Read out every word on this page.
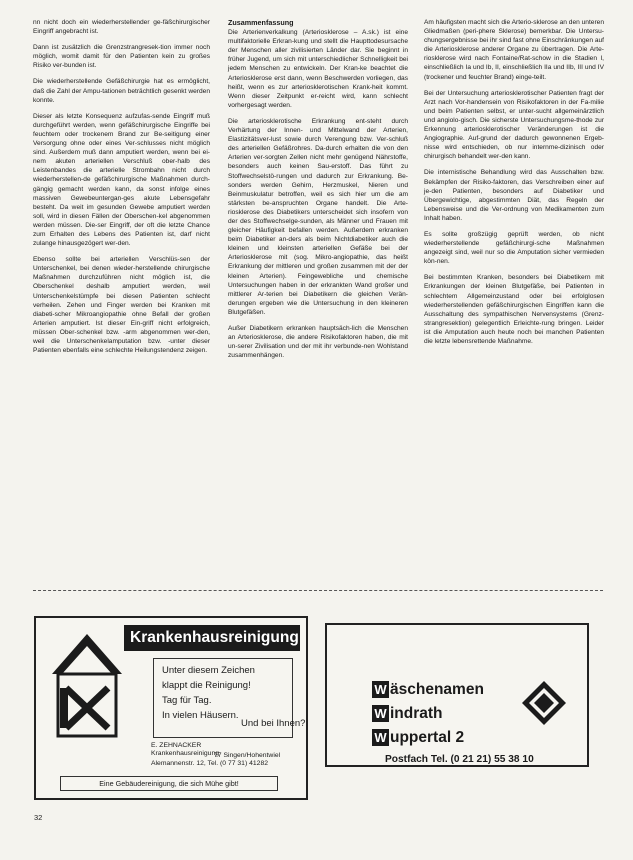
nn nicht doch ein wiederherstellender ge-fäßchirurgischer Eingriff angebracht ist.

Dann ist zusätzlich die Grenzstrangresek-tion immer noch möglich, womit damit für den Patienten kein zu großes Risiko ver-bunden ist.

Die wiederherstellende Gefäßchirurgie hat es ermöglicht, daß die Zahl der Ampu-tationen beträchtlich gesenkt werden konnte.

Dieser als letzte Konsequenz aufzufas-sende Eingriff muß durchgeführt werden, wenn gefäßchirurgische Eingriffe bei feuchtem oder trockenem Brand zur Be-seitigung einer Versorgung ohne oder eines Ver-schlusses nicht möglich sind. Außerdem muß dann amputiert werden, wenn bei ei-nem akuten arteriellen Verschluß ober-halb des Leistenbandes die arterielle Strombahn nicht durch wiederherstellen-de gefäßchirurgische Maßnahmen durch-gängig gemacht werden kann, da sonst infolge eines massiven Gewebeuntergan-ges akute Lebensgefahr besteht. Da weit im gesunden Gewebe amputiert werden soll, wird in diesen Fällen der Oberschen-kel abgenommen werden müssen. Die-ser Eingriff, der oft die letzte Chance zum Erhalten des Lebens des Patienten ist, darf nicht zulange hinausgezögert wer-den.

Ebenso sollte bei arteriellen Verschlüs-sen der Unterschenkel, bei denen wieder-herstellende chirurgische Maßnahmen durchzuführen nicht möglich ist, die Oberschenkel deshalb amputiert werden, weil Unterschenkelstümpfe bei diesen Patienten schlecht verheilen. Zehen und Finger werden bei Kranken mit diabeti-scher Mikroangiopathie ohne Befall der großen Arterien amputiert. Ist dieser Ein-griff nicht erfolgreich, müssen Ober-schenkel bzw. -arm abgenommen wer-den, weil die Unterschenkelamputation bzw. -unter dieser Patienten ebenfalls eine schlechte Heilungstendenz zeigen.

Zusammenfassung

Die Arterienverkalkung (Arteriosklerose – A.sk.) ist eine multifaktorielle Erkran-kung und stellt die Haupttodesursache der Menschen aller zivilisierten Länder dar. Sie beginnt in früher Jugend, um sich mit unterschiedlicher Schnelligkeit bei jedem Menschen zu entwickeln. Der Kran-ke beachtet die Arteriosklerose erst dann, wenn Beschwerden vorliegen, das heißt, wenn es zur arteriosklerotischen Krank-heit kommt. Wenn dieser Zeitpunkt er-reicht wird, kann schlecht vorhergesagt werden.

Die arteriosklerotische Erkrankung ent-steht durch Verhärtung der Innen- und Mittelwand der Arterien, Elastizitätsver-lust sowie durch Verengung bzw. Ver-schluß des arteriellen Gefäßrohres. Da-durch erhalten die von den Arterien ver-sorgten Zellen nicht mehr genügend Nährstoffe, besonders auch keinen Sau-erstoff. Das führt zu Stoffwechselstö-rungen und dadurch zur Erkrankung. Be-sonders werden Gehirn, Herzmuskel, Nieren und Beinmuskulatur betroffen, weil es sich hier um die am stärksten be-anspruchten Organe handelt. Die Arte-riosklerose des Diabetikers unterscheidet sich insofern von der des Stoffwechselge-sunden, als Männer und Frauen mit gleicher Häufigkeit befallen werden. Außerdem erkranken beim Diabetiker an-ders als beim Nichtdiabetiker auch die kleinen und kleinsten arteriellen Gefäße bei der Arteriosklerose mit (sog. Mikro-angiopathie, das heißt Erkrankung der mittleren und großen zusammen mit der der kleinen Arterien). Feingewebliche und chemische Untersuchungen haben in der erkrankten Wand großer und mittlerer Ar-terien bei Diabetikern die gleichen Verän-derungen ergeben wie die Untersuchung in den kleineren Blutgefäßen.

Außer Diabetikern erkranken hauptsäch-lich die Menschen an Arteriosklerose, die andere Risikofaktoren haben, die mit un-serer Zivilisation und der mit ihr verbunde-nen Wohlstand zusammenhängen.

Am häufigsten macht sich die Arterio-sklerose an den unteren Gliedmaßen (peri-phere Sklerose) bemerkbar. Die Untersu-chungsergebnisse bei ihr sind fast ohne Einschränkungen auf die Arteriosklerose anderer Organe zu übertragen. Die Arte-riosklerose wird nach Fontaine/Rat-schow in die Stadien I, einschließlich Ia und Ib, II, einschließlich IIa und IIb, III und IV (trockener und feuchter Brand) einge-teilt.

Bei der Untersuchung arteriosklerotischer Patienten fragt der Arzt nach Vor-handensein von Risikofaktoren in der Fa-milie und beim Patienten selbst, er unter-sucht allgemeinärztlich und angiolo-gisch. Die sicherste Untersuchungsme-thode zur Erkennung arteriosklerotischer Veränderungen ist die Angiographie. Auf-grund der dadurch gewonnenen Ergeb-nisse wird entschieden, ob nur internme-dizinisch oder chirurgisch behandelt wer-den kann.

Die internistische Behandlung wird das Ausschalten bzw. Bekämpfen der Risiko-faktoren, das Verschreiben einer auf je-den Patienten, besonders auf Diabetiker und Übergewichtige, abgestimmten Diät, das Regeln der Lebensweise und die Ver-ordnung von Medikamenten zum Inhalt haben.

Es sollte großzügig geprüft werden, ob nicht wiederherstellende gefäßchirurgi-sche Maßnahmen angezeigt sind, weil nur so die Amputation sicher vermieden kön-nen.

Bei bestimmten Kranken, besonders bei Diabetikern mit Erkrankungen der kleinen Blutgefäße, bei Patienten in schlechtem Allgemeinzustand oder bei erfolglosen wiederherstellenden gefäßchirurgischen Eingriffen kann die Ausschaltung des sympathischen Nervensystems (Grenz-strangresektion) gelegentlich Erleichte-rung bringen. Leider ist die Amputation auch heute noch bei manchen Patienten die letzte lebensrettende Maßnahme.

Krankenhausreinigung
Unter diesem Zeichen
klappt die Reinigung!
Tag für Tag.
In vielen Häusern.
Und bei Ihnen?
E. ZEHNACKER
Krankenhausreinigung
77 Singen/Hohentwiel
Alemannenstr. 12, Tel. (0 77 31) 41282
Eine Gebäudereinigung, die sich Mühe gibt!
W äschenamen
W indrath
W uppertal 2
Postfach Tel. (0 21 21) 55 38 10
32
